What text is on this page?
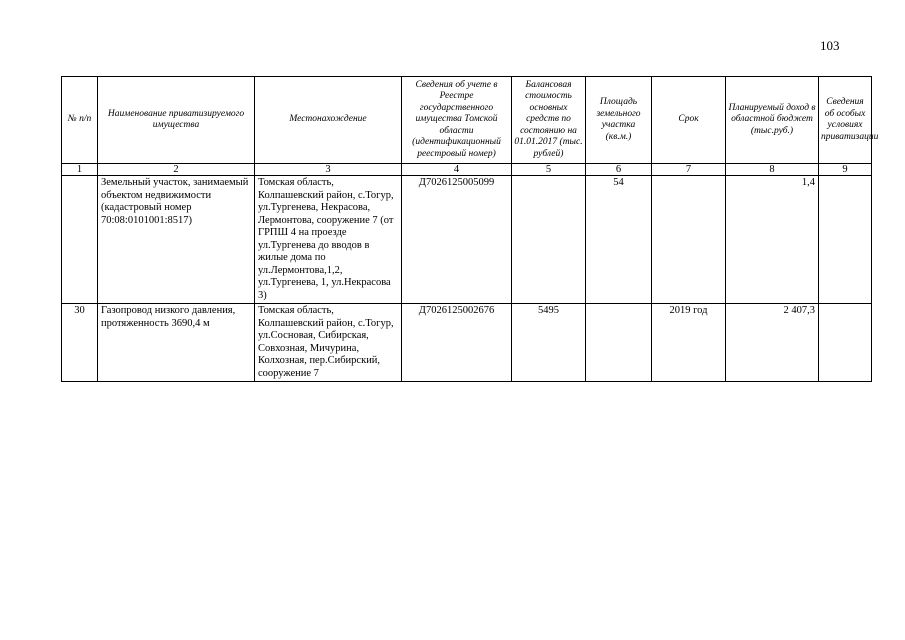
103
№ п/п	Наименование приватизируемого имущества	Местонахождение	Сведения об учете в Реестре государственного имущества Томской области (идентификационный реестровый номер)	Балансовая стоимость основных средств по состоянию на 01.01.2017 (тыс. рублей)	Площадь земельного участка (кв.м.)	Срок	Планируемый доход в областной бюджет (тыс.руб.)	Сведения об особых условиях приватизации
1	2	3	4	5	6	7	8	9
	Земельный участок, занимаемый объектом недвижимости (кадастровый номер 70:08:0101001:8517)	Томская область, Колпашевский район, с.Тогур, ул.Тургенева, Некрасова, Лермонтова, сооружение 7 (от ГРПШ 4 на проезде ул.Тургенева до вводов в жилые дома по ул.Лермонтова,1,2, ул.Тургенева, 1, ул.Некрасова 3)	Д7026125005099		54		1,4	
30	Газопровод низкого давления, протяженность 3690,4 м	Томская область, Колпашевский район, с.Тогур, ул.Сосновая, Сибирская, Совхозная, Мичурина, Колхозная, пер.Сибирский, сооружение 7	Д7026125002676	5495		2019 год	2 407,3	
